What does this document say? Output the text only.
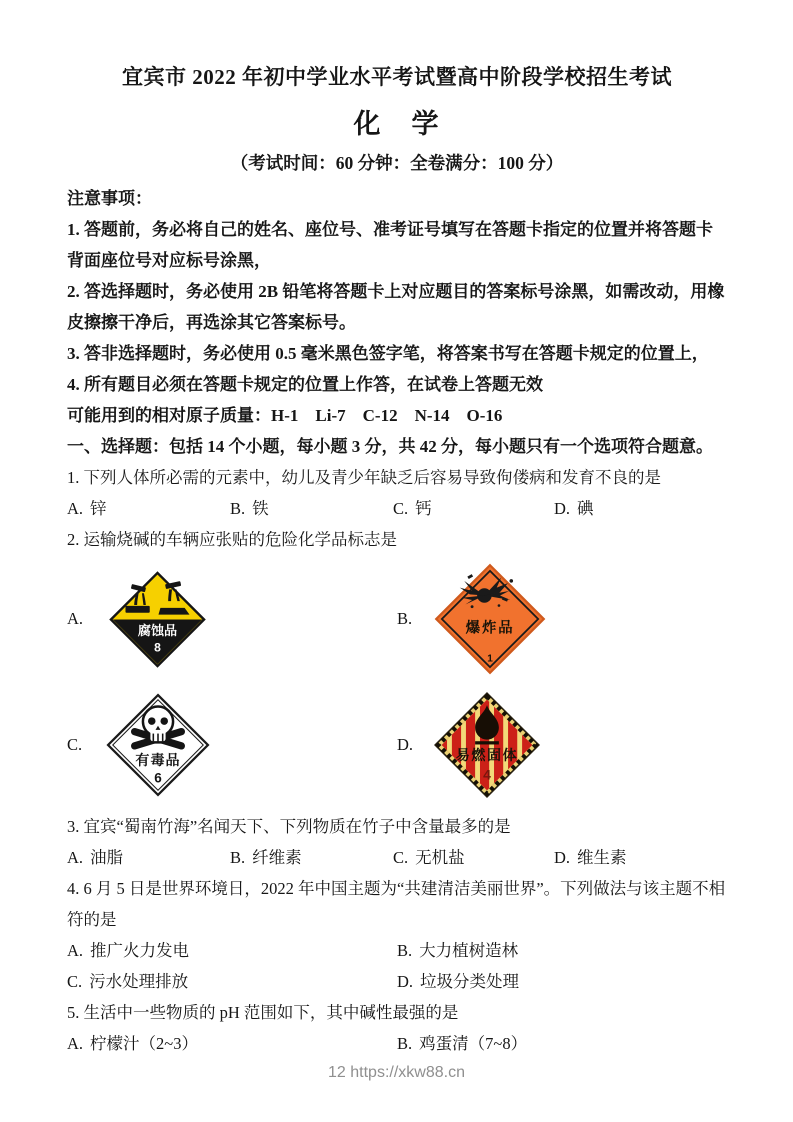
宜宾市 2022 年初中学业水平考试暨高中阶段学校招生考试
化　学
（考试时间：60 分钟：全卷满分：100 分）
注意事项：

1. 答题前，务必将自己的姓名、座位号、准考证号填写在答题卡指定的位置并将答题卡背面座位号对应标号涂黑，

2. 答选择题时，务必使用 2B 铅笔将答题卡上对应题目的答案标号涂黑，如需改动，用橡皮擦擦干净后，再选涂其它答案标号。

3. 答非选择题时，务必使用 0.5 毫米黑色签字笔，将答案书写在答题卡规定的位置上，

4. 所有题目必须在答题卡规定的位置上作答，在试卷上答题无效

可能用到的相对原子质量：H-1 Li-7 C-12 N-14 O-16

一、选择题：包括 14 个小题，每小题 3 分，共 42 分，每小题只有一个选项符合题意。

1. 下列人体所必需的元素中，幼儿及青少年缺乏后容易导致佝偻病和发育不良的是

A. 锌	B. 铁	C. 钙	D. 碘

2. 运输烧碱的车辆应张贴的危险化学品标志是

A.
腐蚀品
8
B.
爆炸品
1
C.
有毒品
6
D.
易燃固体
4

3. 宜宾“蜀南竹海”名闻天下、下列物质在竹子中含量最多的是

A. 油脂	B. 纤维素	C. 无机盐	D. 维生素

4. 6 月 5 日是世界环境日，2022 年中国主题为“共建清洁美丽世界”。下列做法与该主题不相符的是

A. 推广火力发电	B. 大力植树造林
C. 污水处理排放	D. 垃圾分类处理

5. 生活中一些物质的 pH 范围如下，其中碱性最强的是

A. 柠檬汁（2~3）	B. 鸡蛋清（7~8）
12 https://xkw88.cn
